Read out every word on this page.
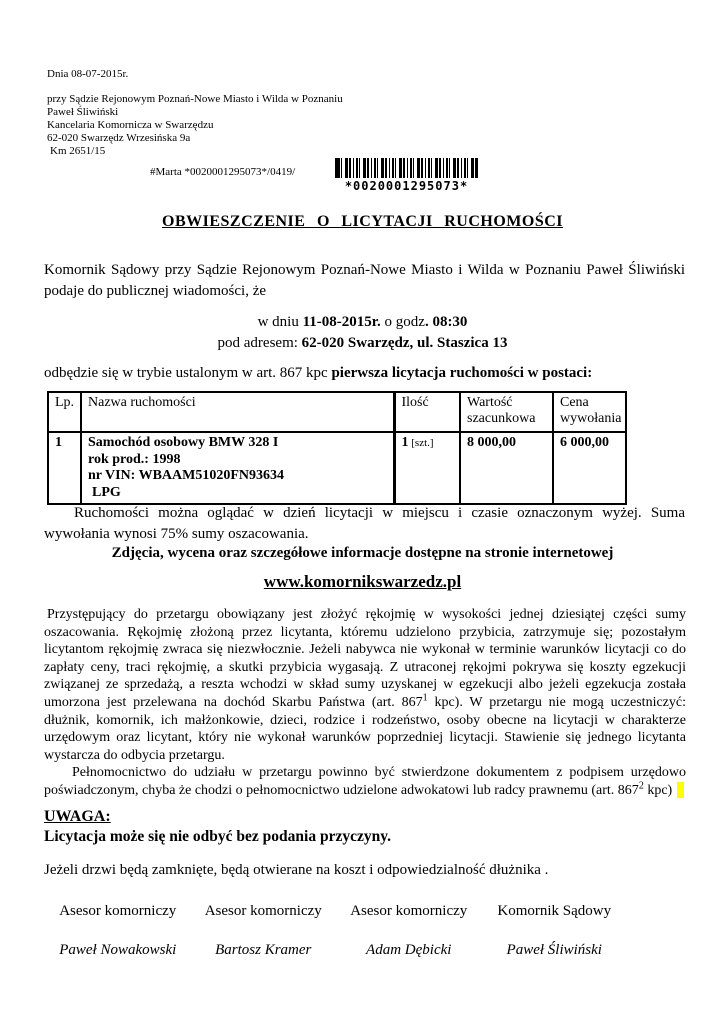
Dnia 08-07-2015r.
przy Sądzie Rejonowym Poznań-Nowe Miasto i Wilda w Poznaniu
Paweł Śliwiński
Kancelaria Komornicza w Swarzędzu
62-020 Swarzędz Wrzesińska 9a
Km 2651/15
#Marta *0020001295073*/0419/
*0020001295073*
OBWIESZCZENIE O LICYTACJI RUCHOMOŚCI
Komornik Sądowy przy Sądzie Rejonowym Poznań-Nowe Miasto i Wilda w Poznaniu Paweł Śliwiński podaje do publicznej wiadomości, że
w dniu 11-08-2015r. o godz. 08:30
pod adresem: 62-020 Swarzędz, ul. Staszica 13
odbędzie się w trybie ustalonym w art. 867 kpc pierwsza licytacja ruchomości w postaci:
Lp.	Nazwa ruchomości	Ilość	Wartość szacunkowa	Cena wywołania
1	Samochód osobowy BMW 328 I
rok prod.: 1998
nr VIN: WBAAM51020FN93634
LPG	1 [szt.]	8 000,00	6 000,00
Ruchomości można oglądać w dzień licytacji w miejscu i czasie oznaczonym wyżej. Suma wywołania wynosi 75% sumy oszacowania.
Zdjęcia, wycena oraz szczegółowe informacje dostępne na stronie internetowej
www.komornikswarzedz.pl
Przystępujący do przetargu obowiązany jest złożyć rękojmię w wysokości jednej dziesiątej części sumy oszacowania. Rękojmię złożoną przez licytanta, któremu udzielono przybicia, zatrzymuje się; pozostałym licytantom rękojmię zwraca się niezwłocznie. Jeżeli nabywca nie wykonał w terminie warunków licytacji co do zapłaty ceny, traci rękojmię, a skutki przybicia wygasają. Z utraconej rękojmi pokrywa się koszty egzekucji związanej ze sprzedażą, a reszta wchodzi w skład sumy uzyskanej w egzekucji albo jeżeli egzekucja została umorzona jest przelewana na dochód Skarbu Państwa (art. $867^1$ kpc). W przetargu nie mogą uczestniczyć: dłużnik, komornik, ich małżonkowie, dzieci, rodzice i rodzeństwo, osoby obecne na licytacji w charakterze urzędowym oraz licytant, który nie wykonał warunków poprzedniej licytacji. Stawienie się jednego licytanta wystarcza do odbycia przetargu.
Pełnomocnictwo do udziału w przetargu powinno być stwierdzone dokumentem z podpisem urzędowo poświadczonym, chyba że chodzi o pełnomocnictwo udzielone adwokatowi lub radcy prawnemu (art. $867^2$ kpc)
UWAGA:
Licytacja może się nie odbyć bez podania przyczyny.
Jeżeli drzwi będą zamknięte, będą otwierane na koszt i odpowiedzialność dłużnika .
Asesor komorniczy
Paweł Nowakowski
Asesor komorniczy
Bartosz Kramer
Asesor komorniczy
Adam Dębicki
Komornik Sądowy
Paweł Śliwiński
